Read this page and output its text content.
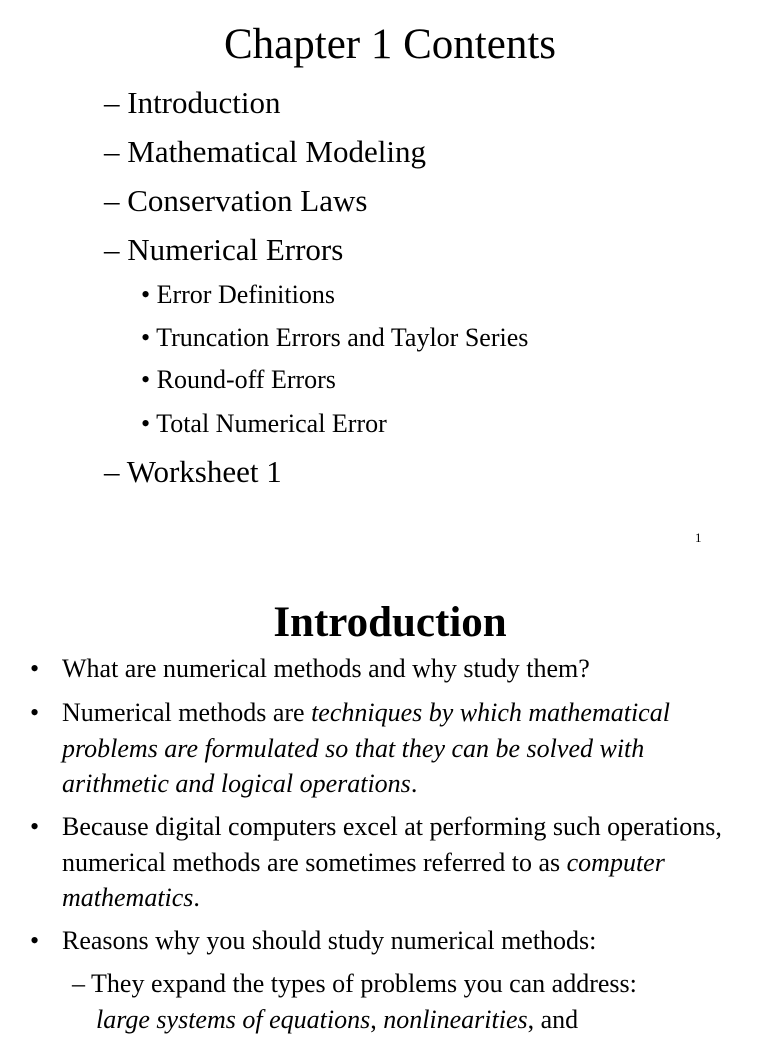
Chapter 1 Contents
– Introduction
– Mathematical Modeling
– Conservation Laws
– Numerical Errors
• Error Definitions
• Truncation Errors and Taylor Series
• Round-off Errors
• Total Numerical Error
– Worksheet 1
1
Introduction
• What are numerical methods and why study them?
• Numerical methods are techniques by which mathematical problems are formulated so that they can be solved with arithmetic and logical operations.
• Because digital computers excel at performing such operations, numerical methods are sometimes referred to as computer mathematics.
• Reasons why you should study numerical methods:
– They expand the types of problems you can address:
large systems of equations, nonlinearities, and
